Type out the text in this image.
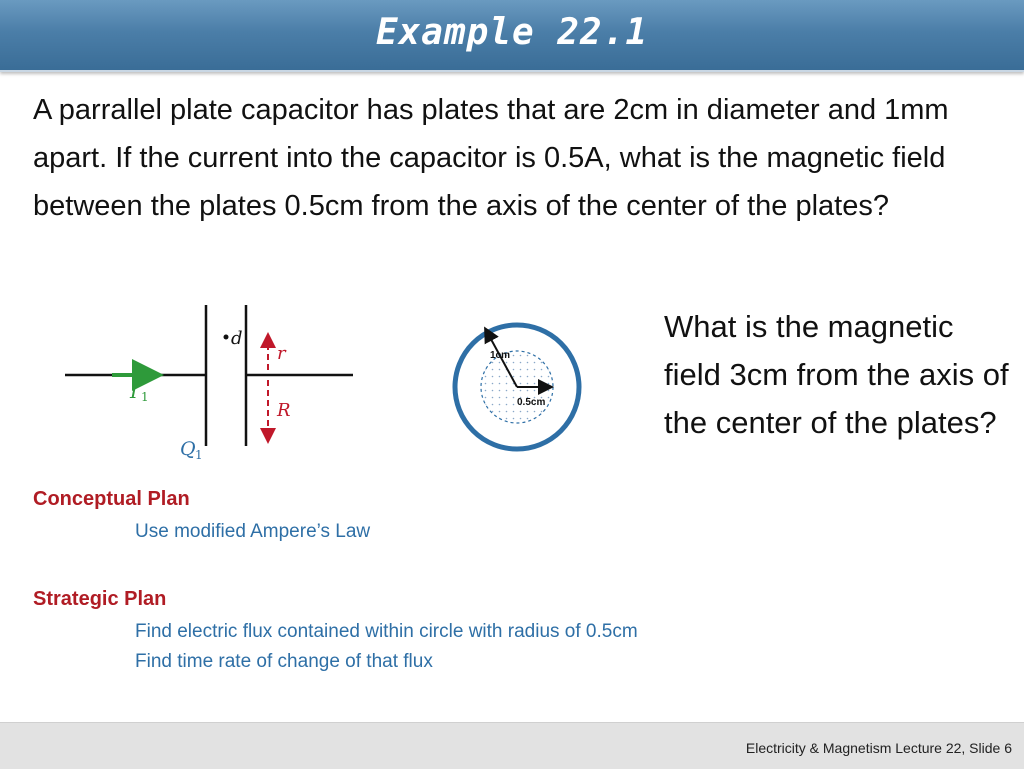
Example 22.1

A parrallel plate capacitor has plates that are 2cm in diameter and 1mm apart. If the current into the capacitor is 0.5A, what is the magnetic field between the plates 0.5cm from the axis of the center of the plates?

d
r
R
I 1
Q 1
1cm
0.5cm

What is the magnetic field 3cm from the axis of the center of the plates?

Conceptual Plan
Use modified Ampere’s Law
Strategic Plan
Find electric flux contained within circle with radius of 0.5cm
Find time rate of change of that flux
Electricity & Magnetism Lecture 22, Slide 6
